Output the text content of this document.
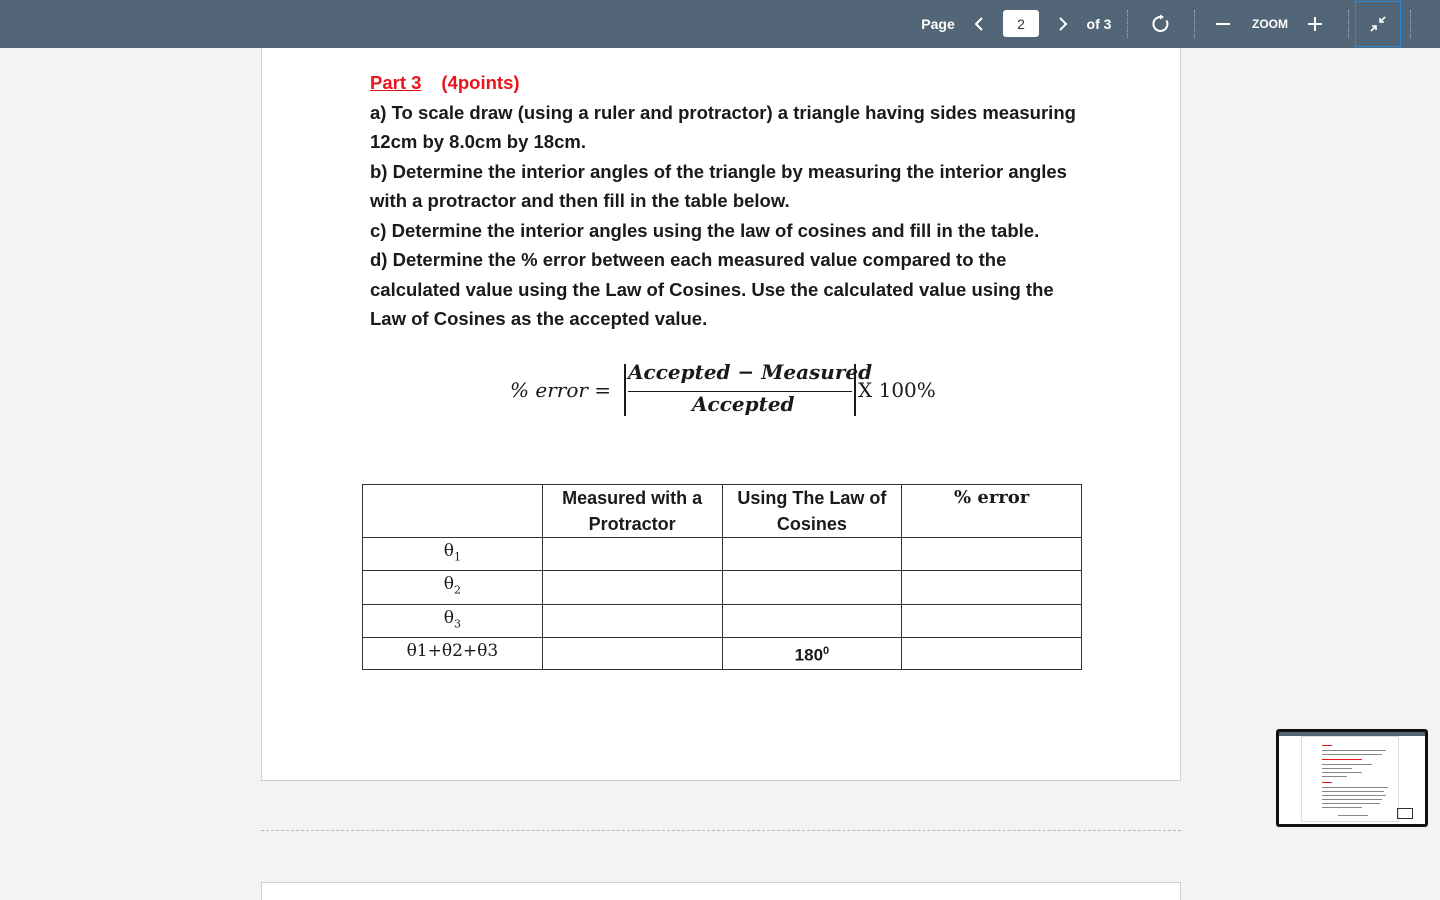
Page
2	of 3	ZOOM
Part 3 (4points)
a) To scale draw (using a ruler and protractor) a triangle having sides measuring 12cm by 8.0cm by 18cm.
b) Determine the interior angles of the triangle by measuring the interior angles with a protractor and then fill in the table below.
c) Determine the interior angles using the law of cosines and fill in the table.
d) Determine the % error between each measured value compared to the calculated value using the Law of Cosines. Use the calculated value using the Law of Cosines as the accepted value.
% error =
Accepted − Measured
Accepted
X 100%
	Measured with a Protractor	Using The Law of Cosines	% error
$\theta_1$			
$\theta_2$			
$\theta_3$			
θ1+θ2+θ3		$180^0$	
